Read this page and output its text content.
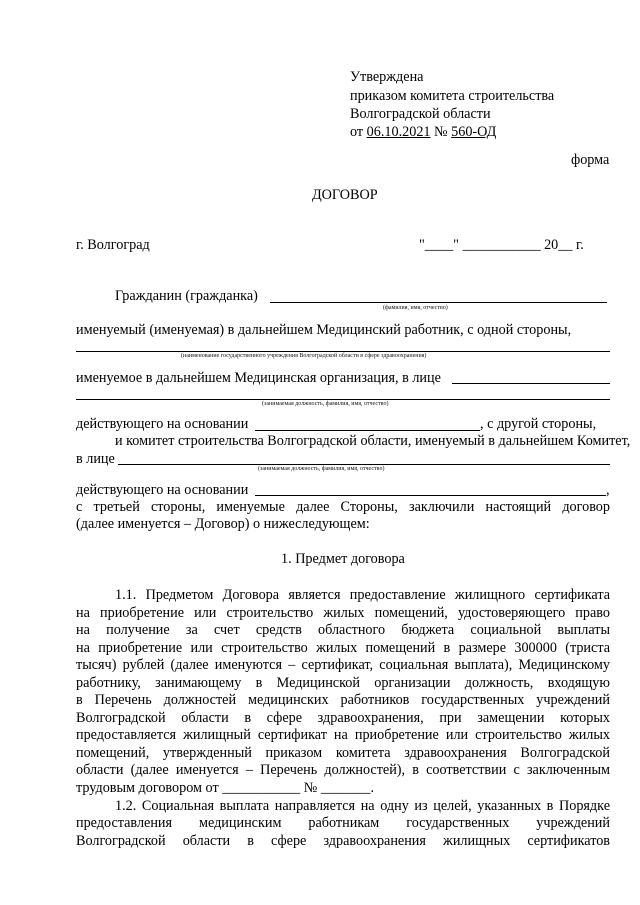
Утверждена
приказом комитета строительства
Волгоградской области
от 06.10.2021 № 560-ОД
форма
ДОГОВОР
г. Волгоград	"____" ___________ 20__ г.
Гражданин (гражданка)
(фамилия, имя, отчество)
именуемый (именуемая) в дальнейшем Медицинский работник, с одной стороны,
(наименование государственного учреждения Волгоградской области в сфере здравоохранения)
именуемое в дальнейшем Медицинская организация, в лице
(занимаемая должность, фамилия, имя, отчество)
действующего на основании	, с другой стороны,
и комитет строительства Волгоградской области, именуемый в дальнейшем Комитет,
в лице
(занимаемая должность, фамилия, имя, отчество)
действующего на основании	,
с третьей стороны, именуемые далее Стороны, заключили настоящий договор
(далее именуется – Договор) о нижеследующем:
1. Предмет договора
1.1. Предметом Договора является предоставление жилищного сертификата
на приобретение или строительство жилых помещений, удостоверяющего право
на получение за счет средств областного бюджета социальной выплаты
на приобретение или строительство жилых помещений в размере 300000 (триста
тысяч) рублей (далее именуются – сертификат, социальная выплата), Медицинскому
работнику, занимающему в Медицинской организации должность, входящую
в Перечень должностей медицинских работников государственных учреждений
Волгоградской области в сфере здравоохранения, при замещении которых
предоставляется жилищный сертификат на приобретение или строительство жилых
помещений, утвержденный приказом комитета здравоохранения Волгоградской
области (далее именуется – Перечень должностей), в соответствии с заключенным
трудовым договором от ___________ № _______.
1.2. Социальная выплата направляется на одну из целей, указанных в Порядке
предоставления медицинским работникам государственных учреждений
Волгоградской области в сфере здравоохранения жилищных сертификатов
